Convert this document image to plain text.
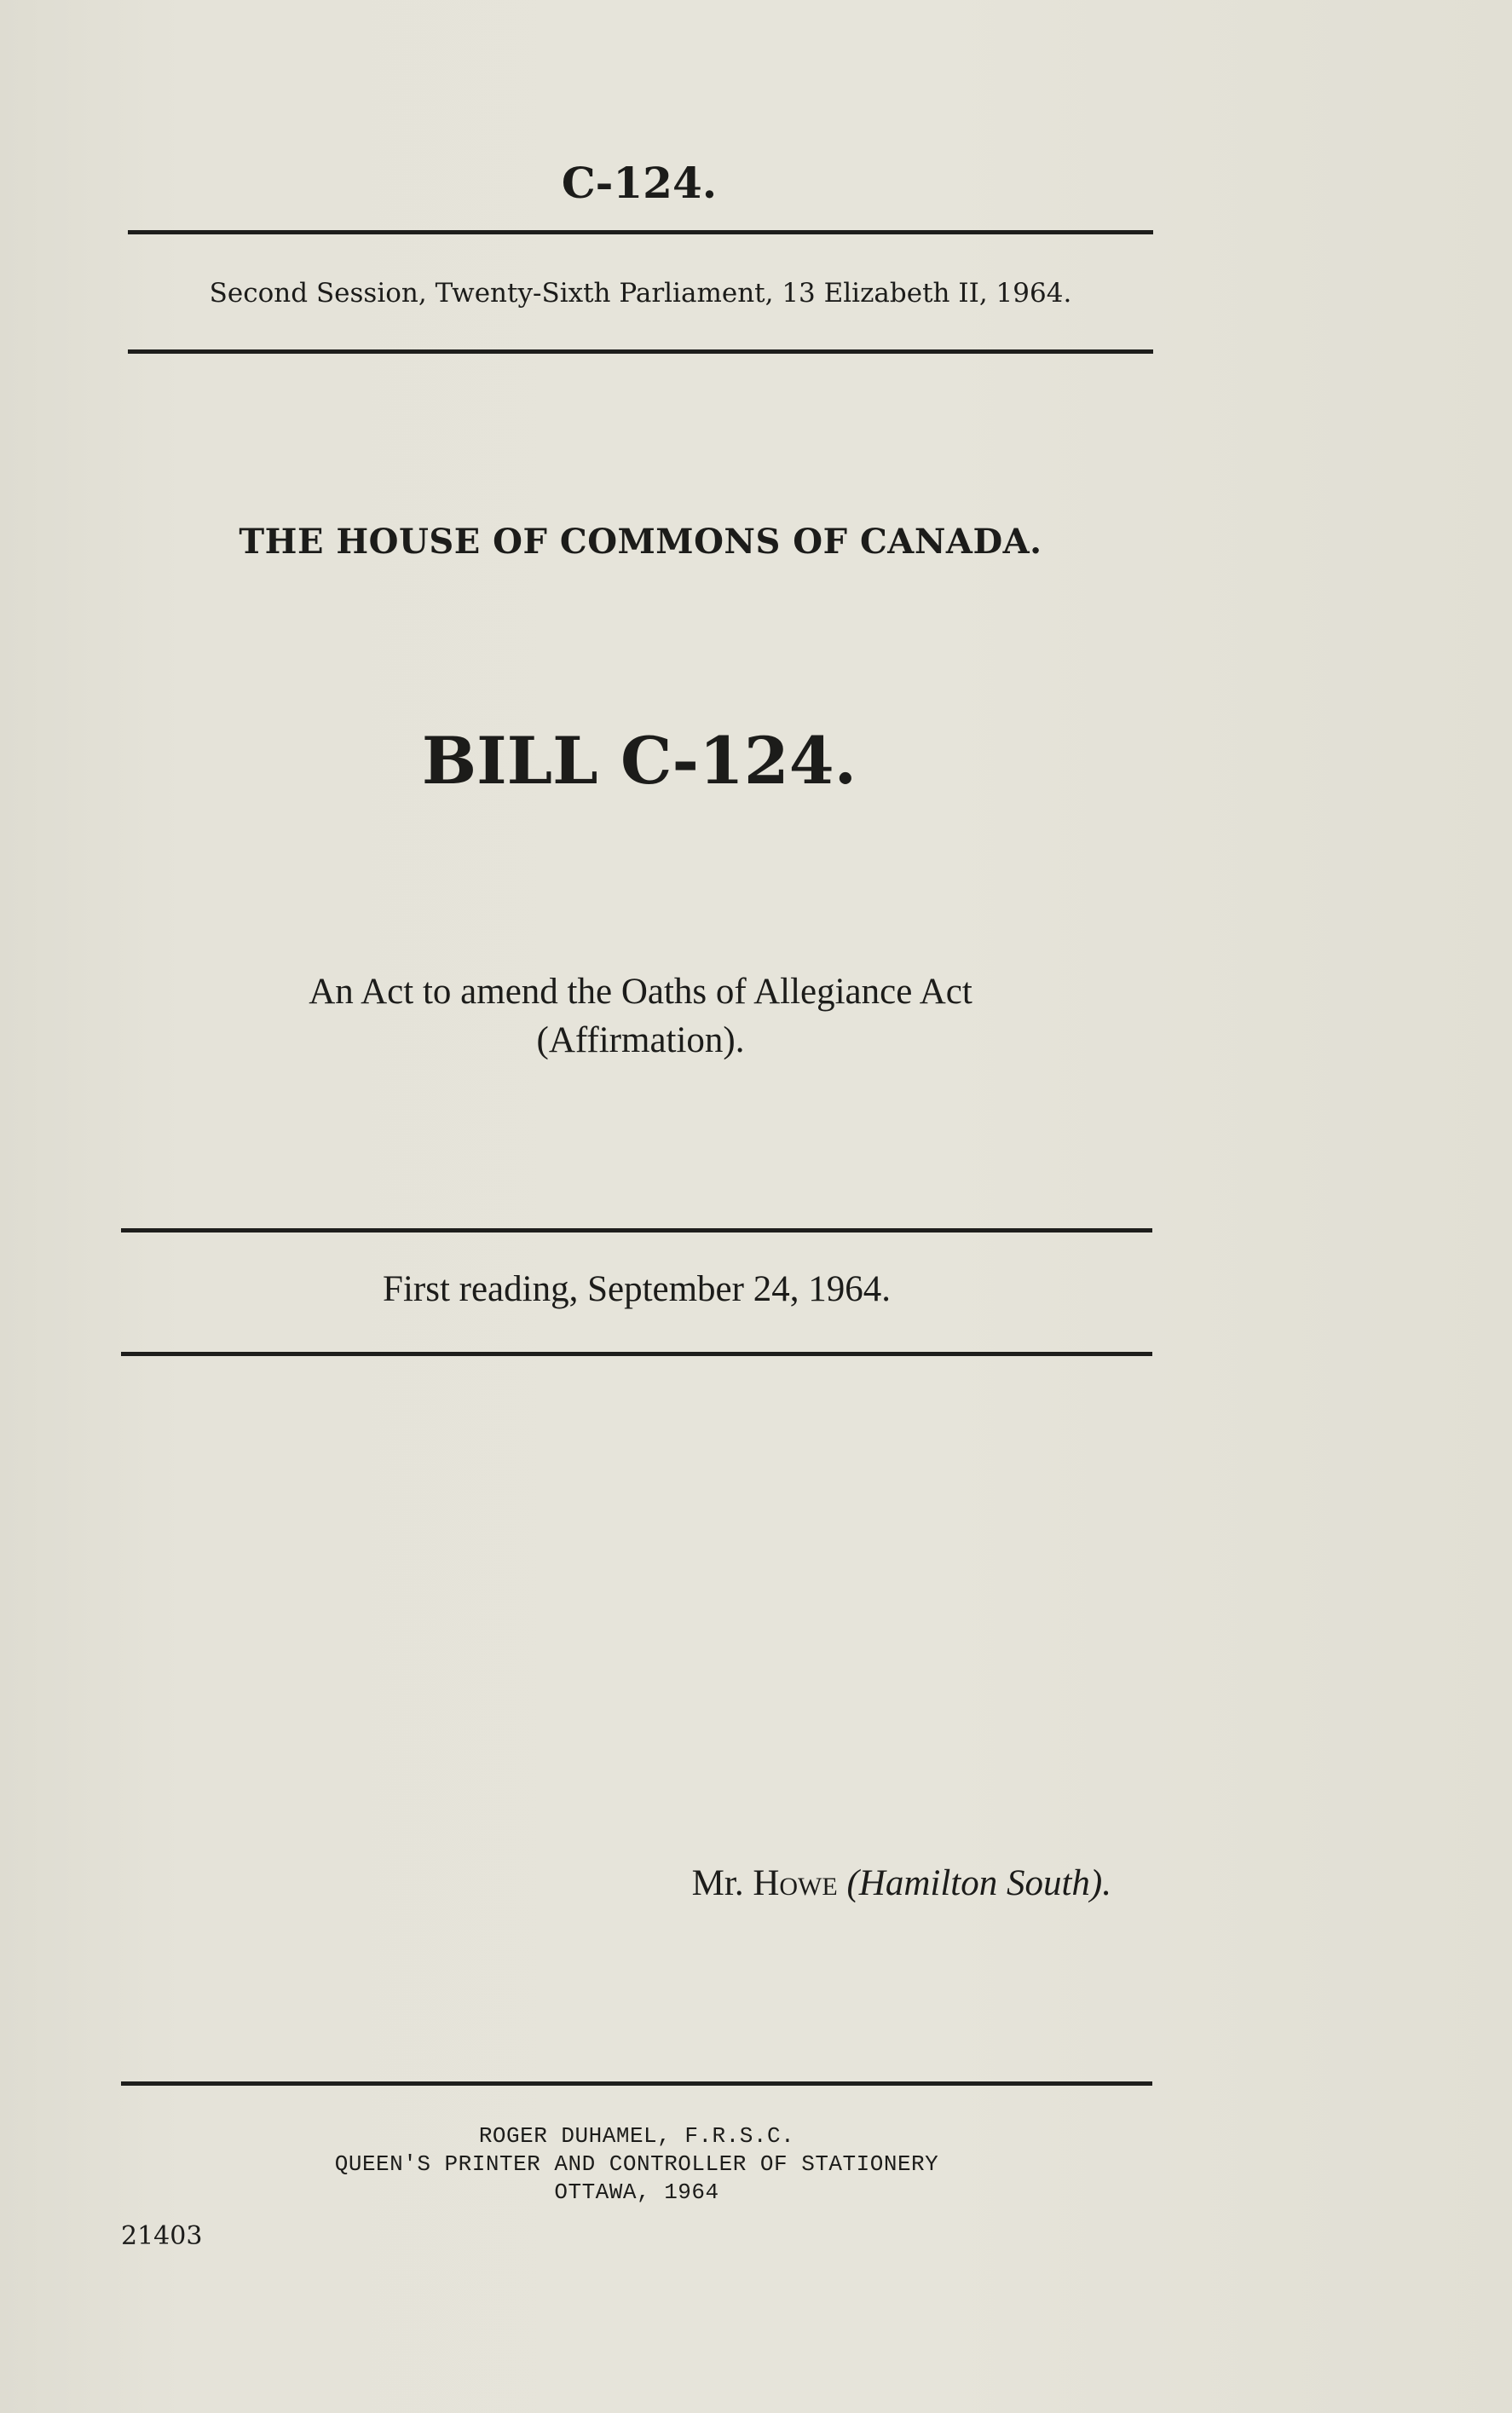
C-124.
Second Session, Twenty-Sixth Parliament, 13 Elizabeth II, 1964.
THE HOUSE OF COMMONS OF CANADA.
BILL C-124.
An Act to amend the Oaths of Allegiance Act
(Affirmation).
First reading, September 24, 1964.
Mr. Howe (Hamilton South).
ROGER DUHAMEL, F.R.S.C.
QUEEN'S PRINTER AND CONTROLLER OF STATIONERY
OTTAWA, 1964
21403
